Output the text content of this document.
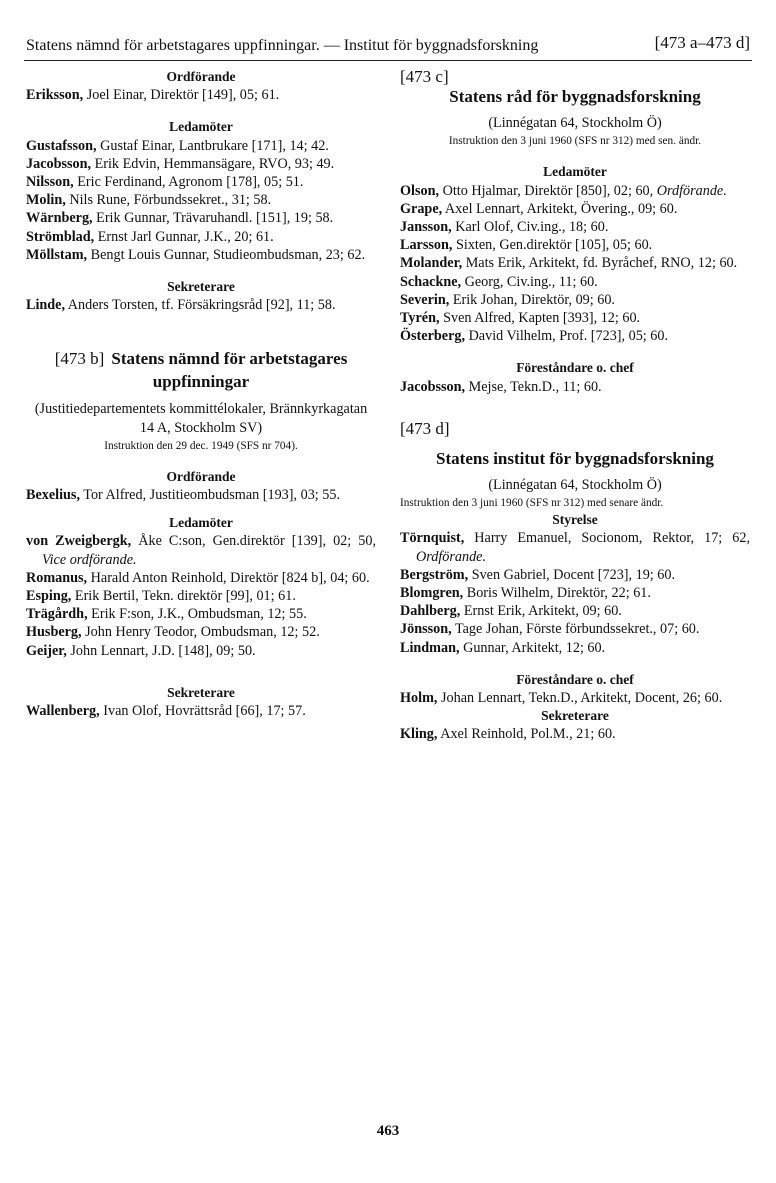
Statens nämnd för arbetstagares uppfinningar. — Institut för byggnadsforskning	[473 a–473 d]

Ordförande

Eriksson, Joel Einar, Direktör [149], 05; 61.

Ledamöter

Gustafsson, Gustaf Einar, Lantbrukare [171], 14; 42.

Jacobsson, Erik Edvin, Hemmansägare, RVO, 93; 49.

Nilsson, Eric Ferdinand, Agronom [178], 05; 51.

Molin, Nils Rune, Förbundssekret., 31; 58.

Wärnberg, Erik Gunnar, Trävaruhandl. [151], 19; 58.

Strömblad, Ernst Jarl Gunnar, J.K., 20; 61.

Möllstam, Bengt Louis Gunnar, Studieombudsman, 23; 62.

Sekreterare

Linde, Anders Torsten, tf. Försäkringsråd [92], 11; 58.

[473 b] Statens nämnd för arbetstagares uppfinningar

(Justitiedepartementets kommittélokaler, Brännkyrkagatan 14 A, Stockholm SV)

Instruktion den 29 dec. 1949 (SFS nr 704).

Ordförande

Bexelius, Tor Alfred, Justitieombudsman [193], 03; 55.

Ledamöter

von Zweigbergk, Åke C:son, Gen.direktör [139], 02; 50, Vice ordförande.

Romanus, Harald Anton Reinhold, Direktör [824 b], 04; 60.

Esping, Erik Bertil, Tekn. direktör [99], 01; 61.

Trägårdh, Erik F:son, J.K., Ombudsman, 12; 55.

Husberg, John Henry Teodor, Ombudsman, 12; 52.

Geijer, John Lennart, J.D. [148], 09; 50.

Sekreterare

Wallenberg, Ivan Olof, Hovrättsråd [66], 17; 57.

[473 c]
Statens råd för byggnadsforskning

(Linnégatan 64, Stockholm Ö)

Instruktion den 3 juni 1960 (SFS nr 312) med sen. ändr.

Ledamöter

Olson, Otto Hjalmar, Direktör [850], 02; 60, Ordförande.

Grape, Axel Lennart, Arkitekt, Övering., 09; 60.

Jansson, Karl Olof, Civ.ing., 18; 60.

Larsson, Sixten, Gen.direktör [105], 05; 60.

Molander, Mats Erik, Arkitekt, fd. Byråchef, RNO, 12; 60.

Schackne, Georg, Civ.ing., 11; 60.

Severin, Erik Johan, Direktör, 09; 60.

Tyrén, Sven Alfred, Kapten [393], 12; 60.

Österberg, David Vilhelm, Prof. [723], 05; 60.

Föreståndare o. chef

Jacobsson, Mejse, Tekn.D., 11; 60.

[473 d]
Statens institut för byggnadsforskning

(Linnégatan 64, Stockholm Ö)

Instruktion den 3 juni 1960 (SFS nr 312) med senare ändr.

Styrelse

Törnquist, Harry Emanuel, Socionom, Rektor, 17; 62, Ordförande.

Bergström, Sven Gabriel, Docent [723], 19; 60.

Blomgren, Boris Wilhelm, Direktör, 22; 61.

Dahlberg, Ernst Erik, Arkitekt, 09; 60.

Jönsson, Tage Johan, Förste förbundssekret., 07; 60.

Lindman, Gunnar, Arkitekt, 12; 60.

Föreståndare o. chef

Holm, Johan Lennart, Tekn.D., Arkitekt, Docent, 26; 60.

Sekreterare

Kling, Axel Reinhold, Pol.M., 21; 60.

463
